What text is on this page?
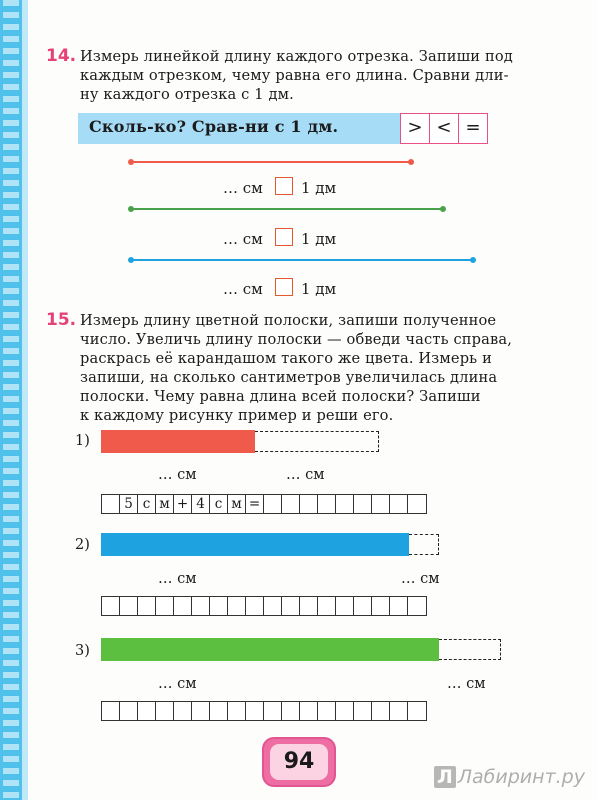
14. Измерь линейкой длину каждого отрезка. Запиши под
каждым отрезком, чему равна его длина. Сравни дли-
ну каждого отрезка с 1 дм.
Сколь-ко? Срав-ни с 1 дм.	> < =
… см	1 дм
… см	1 дм
… см	1 дм
15. Измерь длину цветной полоски, запиши полученное
число. Увеличь длину полоски — обведи часть справа,
раскрась её карандашом такого же цвета. Измерь и
запиши, на сколько сантиметров увеличилась длина
полоски. Чему равна длина всей полоски? Запиши
к каждому рисунку пример и реши его.
1)
… см	… см
5 с м + 4 с м =
2)
… см	… см
3)
… см	… см
94
Л Лабиринт.ру
